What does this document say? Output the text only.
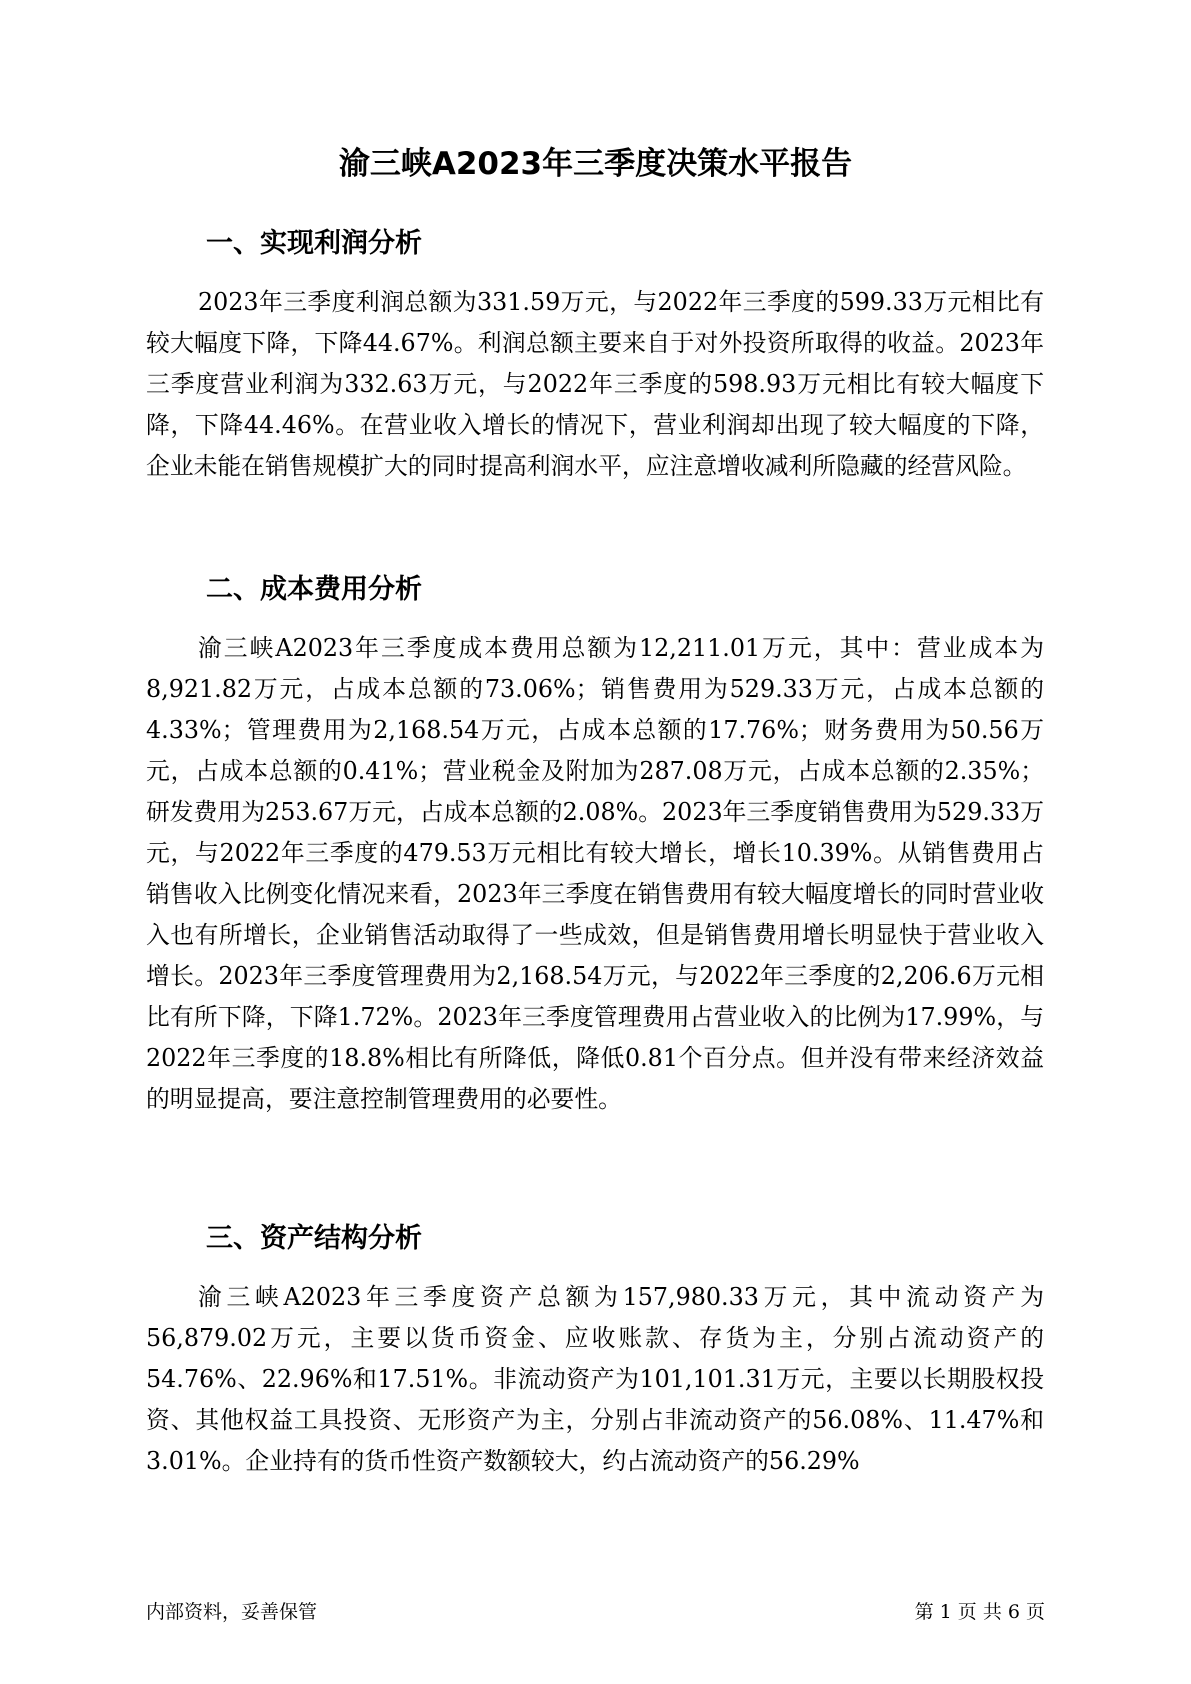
渝三峡A2023年三季度决策水平报告
一、实现利润分析

2023年三季度利润总额为331.59万元，与2022年三季度的599.33万元相比有较大幅度下降，下降44.67%。利润总额主要来自于对外投资所取得的收益。2023年三季度营业利润为332.63万元，与2022年三季度的598.93万元相比有较大幅度下降，下降44.46%。在营业收入增长的情况下，营业利润却出现了较大幅度的下降，企业未能在销售规模扩大的同时提高利润水平，应注意增收减利所隐藏的经营风险。

二、成本费用分析

渝三峡A2023年三季度成本费用总额为12,211.01万元，其中：营业成本为8,921.82万元，占成本总额的73.06%；销售费用为529.33万元，占成本总额的4.33%；管理费用为2,168.54万元，占成本总额的17.76%；财务费用为50.56万元，占成本总额的0.41%；营业税金及附加为287.08万元，占成本总额的2.35%；研发费用为253.67万元，占成本总额的2.08%。2023年三季度销售费用为529.33万元，与2022年三季度的479.53万元相比有较大增长，增长10.39%。从销售费用占销售收入比例变化情况来看，2023年三季度在销售费用有较大幅度增长的同时营业收入也有所增长，企业销售活动取得了一些成效，但是销售费用增长明显快于营业收入增长。2023年三季度管理费用为2,168.54万元，与2022年三季度的2,206.6万元相比有所下降，下降1.72%。2023年三季度管理费用占营业收入的比例为17.99%，与2022年三季度的18.8%相比有所降低，降低0.81个百分点。但并没有带来经济效益的明显提高，要注意控制管理费用的必要性。

三、资产结构分析

渝三峡A2023年三季度资产总额为157,980.33万元，其中流动资产为56,879.02万元，主要以货币资金、应收账款、存货为主，分别占流动资产的54.76%、22.96%和17.51%。非流动资产为101,101.31万元，主要以长期股权投资、其他权益工具投资、无形资产为主，分别占非流动资产的56.08%、11.47%和3.01%。企业持有的货币性资产数额较大，约占流动资产的56.29%

内部资料，妥善保管	第 1 页 共 6 页
